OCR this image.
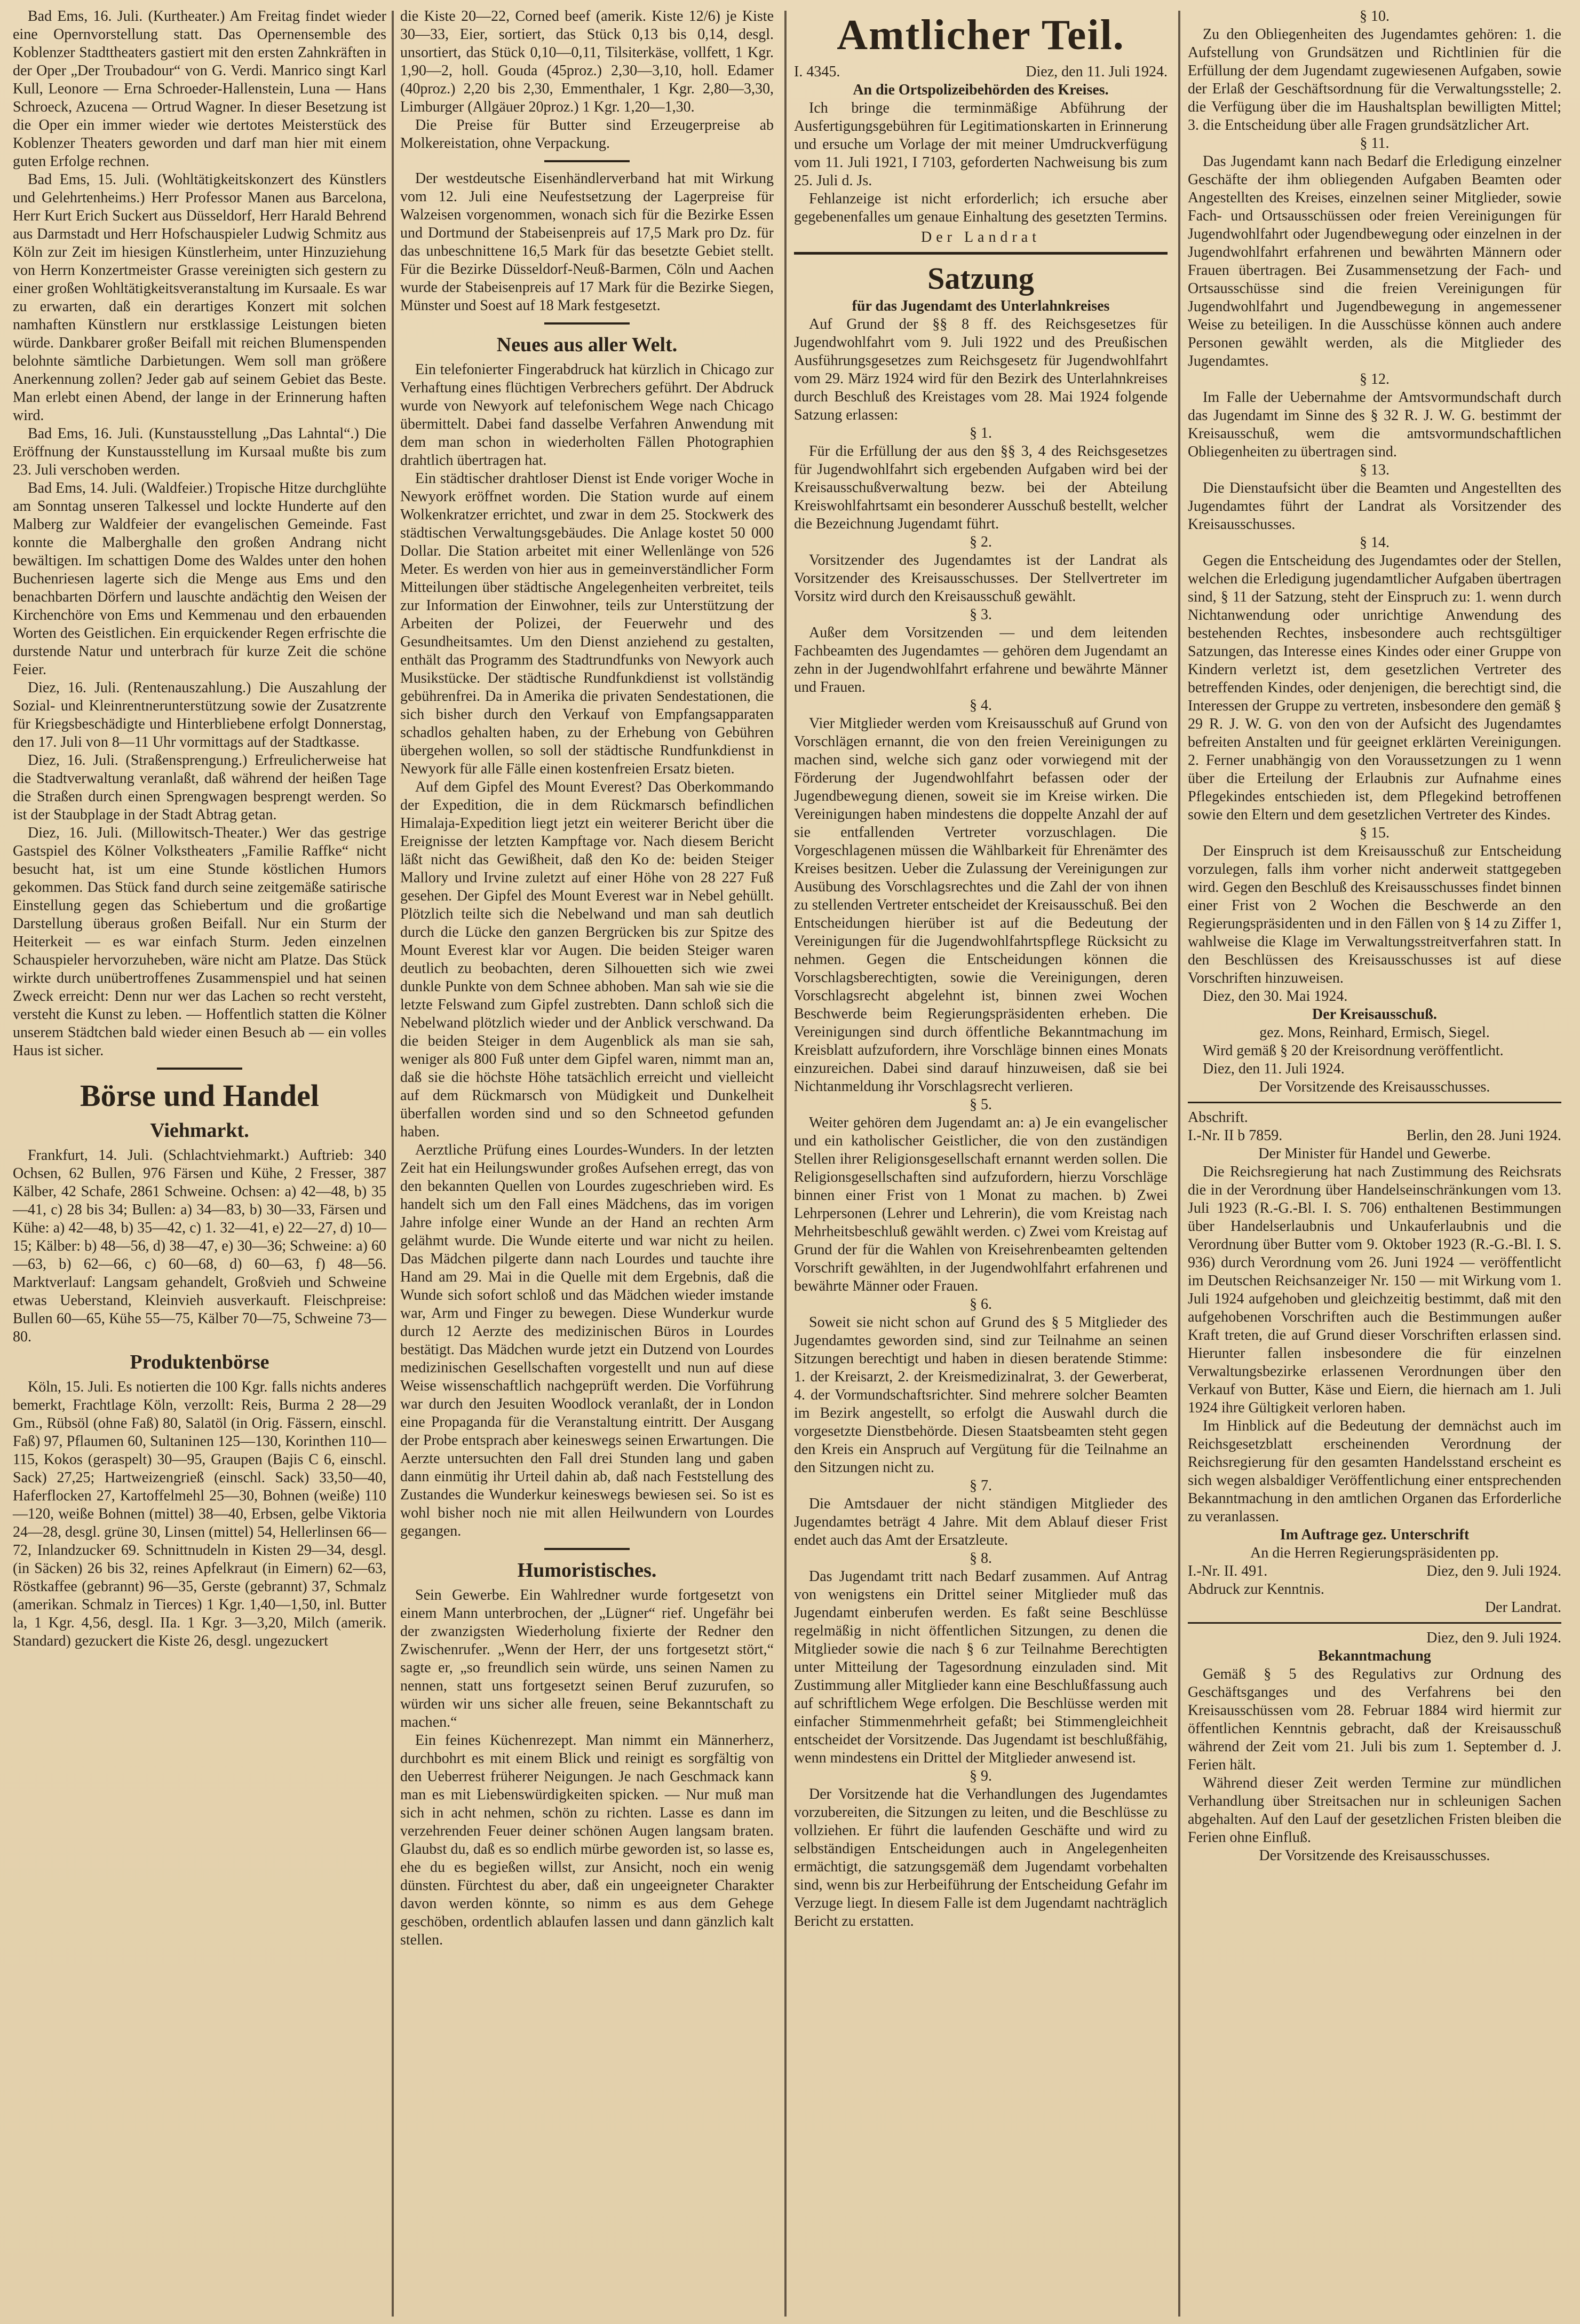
Bad Ems, 16. Juli. (Kurtheater.) Am Freitag findet wieder eine Opernvorstellung statt. Das Opernensemble des Koblenzer Stadttheaters gastiert mit den ersten Zahnkräften in der Oper „Der Troubadour“ von G. Verdi. Manrico singt Karl Kull, Leonore — Erna Schroeder-Hallenstein, Luna — Hans Schroeck, Azucena — Ortrud Wagner. In dieser Besetzung ist die Oper ein immer wieder wie dertotes Meisterstück des Koblenzer Theaters geworden und darf man hier mit einem guten Erfolge rechnen.

Bad Ems, 15. Juli. (Wohltätigkeitskonzert des Künstlers und Gelehrtenheims.) Herr Professor Manen aus Barcelona, Herr Kurt Erich Suckert aus Düsseldorf, Herr Harald Behrend aus Darmstadt und Herr Hofschauspieler Ludwig Schmitz aus Köln zur Zeit im hiesigen Künstlerheim, unter Hinzuziehung von Herrn Konzertmeister Grasse vereinigten sich gestern zu einer großen Wohltätigkeitsveranstaltung im Kursaale. Es war zu erwarten, daß ein derartiges Konzert mit solchen namhaften Künstlern nur erstklassige Leistungen bieten würde. Dankbarer großer Beifall mit reichen Blumenspenden belohnte sämtliche Darbietungen. Wem soll man größere Anerkennung zollen? Jeder gab auf seinem Gebiet das Beste. Man erlebt einen Abend, der lange in der Erinnerung haften wird.

Bad Ems, 16. Juli. (Kunstausstellung „Das Lahntal“.) Die Eröffnung der Kunstausstellung im Kursaal mußte bis zum 23. Juli verschoben werden.

Bad Ems, 14. Juli. (Waldfeier.) Tropische Hitze durchglühte am Sonntag unseren Talkessel und lockte Hunderte auf den Malberg zur Waldfeier der evangelischen Gemeinde. Fast konnte die Malberghalle den großen Andrang nicht bewältigen. Im schattigen Dome des Waldes unter den hohen Buchenriesen lagerte sich die Menge aus Ems und den benachbarten Dörfern und lauschte andächtig den Weisen der Kirchenchöre von Ems und Kemmenau und den erbauenden Worten des Geistlichen. Ein erquickender Regen erfrischte die durstende Natur und unterbrach für kurze Zeit die schöne Feier.

Diez, 16. Juli. (Rentenauszahlung.) Die Auszahlung der Sozial- und Kleinrentnerunterstützung sowie der Zusatzrente für Kriegsbeschädigte und Hinterbliebene erfolgt Donnerstag, den 17. Juli von 8—11 Uhr vormittags auf der Stadtkasse.

Diez, 16. Juli. (Straßensprengung.) Erfreulicherweise hat die Stadtverwaltung veranlaßt, daß während der heißen Tage die Straßen durch einen Sprengwagen besprengt werden. So ist der Staubplage in der Stadt Abtrag getan.

Diez, 16. Juli. (Millowitsch-Theater.) Wer das gestrige Gastspiel des Kölner Volkstheaters „Familie Raffke“ nicht besucht hat, ist um eine Stunde köstlichen Humors gekommen. Das Stück fand durch seine zeitgemäße satirische Einstellung gegen das Schiebertum und die großartige Darstellung überaus großen Beifall. Nur ein Sturm der Heiterkeit — es war einfach Sturm. Jeden einzelnen Schauspieler hervorzuheben, wäre nicht am Platze. Das Stück wirkte durch unübertroffenes Zusammenspiel und hat seinen Zweck erreicht: Denn nur wer das Lachen so recht versteht, versteht die Kunst zu leben. — Hoffentlich statten die Kölner unserem Städtchen bald wieder einen Besuch ab — ein volles Haus ist sicher.

Börse und Handel
Viehmarkt.

Frankfurt, 14. Juli. (Schlachtviehmarkt.) Auftrieb: 340 Ochsen, 62 Bullen, 976 Färsen und Kühe, 2 Fresser, 387 Kälber, 42 Schafe, 2861 Schweine. Ochsen: a) 42—48, b) 35—41, c) 28 bis 34; Bullen: a) 34—83, b) 30—33, Färsen und Kühe: a) 42—48, b) 35—42, c) 1. 32—41, e) 22—27, d) 10—15; Kälber: b) 48—56, d) 38—47, e) 30—36; Schweine: a) 60—63, b) 62—66, c) 60—68, d) 60—63, f) 48—56. Marktverlauf: Langsam gehandelt, Großvieh und Schweine etwas Ueberstand, Kleinvieh ausverkauft. Fleischpreise: Bullen 60—65, Kühe 55—75, Kälber 70—75, Schweine 73—80.

Produktenbörse

Köln, 15. Juli. Es notierten die 100 Kgr. falls nichts anderes bemerkt, Frachtlage Köln, verzollt: Reis, Burma 2 28—29 Gm., Rübsöl (ohne Faß) 80, Salatöl (in Orig. Fässern, einschl. Faß) 97, Pflaumen 60, Sultaninen 125—130, Korinthen 110—115, Kokos (geraspelt) 30—95, Graupen (Bajis C 6, einschl. Sack) 27,25; Hartweizengrieß (einschl. Sack) 33,50—40, Haferflocken 27, Kartoffelmehl 25—30, Bohnen (weiße) 110—120, weiße Bohnen (mittel) 38—40, Erbsen, gelbe Viktoria 24—28, desgl. grüne 30, Linsen (mittel) 54, Hellerlinsen 66—72, Inlandzucker 69. Schnittnudeln in Kisten 29—34, desgl. (in Säcken) 26 bis 32, reines Apfelkraut (in Eimern) 62—63, Röstkaffee (gebrannt) 96—35, Gerste (gebrannt) 37, Schmalz (amerikan. Schmalz in Tierces) 1 Kgr. 1,40—1,50, inl. Butter la, 1 Kgr. 4,56, desgl. IIa. 1 Kgr. 3—3,20, Milch (amerik. Standard) gezuckert die Kiste 26, desgl. ungezuckert

die Kiste 20—22, Corned beef (amerik. Kiste 12/6) je Kiste 30—33, Eier, sortiert, das Stück 0,13 bis 0,14, desgl. unsortiert, das Stück 0,10—0,11, Tilsiterkäse, vollfett, 1 Kgr. 1,90—2, holl. Gouda (45proz.) 2,30—3,10, holl. Edamer (40proz.) 2,20 bis 2,30, Emmenthaler, 1 Kgr. 2,80—3,30, Limburger (Allgäuer 20proz.) 1 Kgr. 1,20—1,30.

Die Preise für Butter sind Erzeugerpreise ab Molkereistation, ohne Verpackung.

Der westdeutsche Eisenhändlerverband hat mit Wirkung vom 12. Juli eine Neufestsetzung der Lagerpreise für Walzeisen vorgenommen, wonach sich für die Bezirke Essen und Dortmund der Stabeisenpreis auf 17,5 Mark pro Dz. für das unbeschnittene 16,5 Mark für das besetzte Gebiet stellt. Für die Bezirke Düsseldorf-Neuß-Barmen, Cöln und Aachen wurde der Stabeisenpreis auf 17 Mark für die Bezirke Siegen, Münster und Soest auf 18 Mark festgesetzt.

Neues aus aller Welt.

Ein telefonierter Fingerabdruck hat kürzlich in Chicago zur Verhaftung eines flüchtigen Verbrechers geführt. Der Abdruck wurde von Newyork auf telefonischem Wege nach Chicago übermittelt. Dabei fand dasselbe Verfahren Anwendung mit dem man schon in wiederholten Fällen Photographien drahtlich übertragen hat.

Ein städtischer drahtloser Dienst ist Ende voriger Woche in Newyork eröffnet worden. Die Station wurde auf einem Wolkenkratzer errichtet, und zwar in dem 25. Stockwerk des städtischen Verwaltungsgebäudes. Die Anlage kostet 50 000 Dollar. Die Station arbeitet mit einer Wellenlänge von 526 Meter. Es werden von hier aus in gemeinverständlicher Form Mitteilungen über städtische Angelegenheiten verbreitet, teils zur Information der Einwohner, teils zur Unterstützung der Arbeiten der Polizei, der Feuerwehr und des Gesundheitsamtes. Um den Dienst anziehend zu gestalten, enthält das Programm des Stadtrundfunks von Newyork auch Musikstücke. Der städtische Rundfunkdienst ist vollständig gebührenfrei. Da in Amerika die privaten Sendestationen, die sich bisher durch den Verkauf von Empfangsapparaten schadlos gehalten haben, zu der Erhebung von Gebühren übergehen wollen, so soll der städtische Rundfunkdienst in Newyork für alle Fälle einen kostenfreien Ersatz bieten.

Auf dem Gipfel des Mount Everest? Das Oberkommando der Expedition, die in dem Rückmarsch befindlichen Himalaja-Expedition liegt jetzt ein weiterer Bericht über die Ereignisse der letzten Kampftage vor. Nach diesem Bericht läßt nicht das Gewißheit, daß den Ko de: beiden Steiger Mallory und Irvine zuletzt auf einer Höhe von 28 227 Fuß gesehen. Der Gipfel des Mount Everest war in Nebel gehüllt. Plötzlich teilte sich die Nebelwand und man sah deutlich durch die Lücke den ganzen Bergrücken bis zur Spitze des Mount Everest klar vor Augen. Die beiden Steiger waren deutlich zu beobachten, deren Silhouetten sich wie zwei dunkle Punkte von dem Schnee abhoben. Man sah wie sie die letzte Felswand zum Gipfel zustrebten. Dann schloß sich die Nebelwand plötzlich wieder und der Anblick verschwand. Da die beiden Steiger in dem Augenblick als man sie sah, weniger als 800 Fuß unter dem Gipfel waren, nimmt man an, daß sie die höchste Höhe tatsächlich erreicht und vielleicht auf dem Rückmarsch von Müdigkeit und Dunkelheit überfallen worden sind und so den Schneetod gefunden haben.

Aerztliche Prüfung eines Lourdes-Wunders. In der letzten Zeit hat ein Heilungswunder großes Aufsehen erregt, das von den bekannten Quellen von Lourdes zugeschrieben wird. Es handelt sich um den Fall eines Mädchens, das im vorigen Jahre infolge einer Wunde an der Hand an rechten Arm gelähmt wurde. Die Wunde eiterte und war nicht zu heilen. Das Mädchen pilgerte dann nach Lourdes und tauchte ihre Hand am 29. Mai in die Quelle mit dem Ergebnis, daß die Wunde sich sofort schloß und das Mädchen wieder imstande war, Arm und Finger zu bewegen. Diese Wunderkur wurde durch 12 Aerzte des medizinischen Büros in Lourdes bestätigt. Das Mädchen wurde jetzt ein Dutzend von Lourdes medizinischen Gesellschaften vorgestellt und nun auf diese Weise wissenschaftlich nachgeprüft werden. Die Vorführung war durch den Jesuiten Woodlock veranlaßt, der in London eine Propaganda für die Veranstaltung eintritt. Der Ausgang der Probe entsprach aber keineswegs seinen Erwartungen. Die Aerzte untersuchten den Fall drei Stunden lang und gaben dann einmütig ihr Urteil dahin ab, daß nach Feststellung des Zustandes die Wunderkur keineswegs bewiesen sei. So ist es wohl bisher noch nie mit allen Heilwundern von Lourdes gegangen.

Humoristisches.

Sein Gewerbe. Ein Wahlredner wurde fortgesetzt von einem Mann unterbrochen, der „Lügner“ rief. Ungefähr bei der zwanzigsten Wiederholung fixierte der Redner den Zwischenrufer. „Wenn der Herr, der uns fortgesetzt stört,“ sagte er, „so freundlich sein würde, uns seinen Namen zu nennen, statt uns fortgesetzt seinen Beruf zuzurufen, so würden wir uns sicher alle freuen, seine Bekanntschaft zu machen.“

Ein feines Küchenrezept. Man nimmt ein Männerherz, durchbohrt es mit einem Blick und reinigt es sorgfältig von den Ueberrest früherer Neigungen. Je nach Geschmack kann man es mit Liebenswürdigkeiten spicken. — Nur muß man sich in acht nehmen, schön zu richten. Lasse es dann im verzehrenden Feuer deiner schönen Augen langsam braten. Glaubst du, daß es so endlich mürbe geworden ist, so lasse es, ehe du es begießen willst, zur Ansicht, noch ein wenig dünsten. Fürchtest du aber, daß ein ungeeigneter Charakter davon werden könnte, so nimm es aus dem Gehege geschöben, ordentlich ablaufen lassen und dann gänzlich kalt stellen.

Amtlicher Teil.
I. 4345.	Diez, den 11. Juli 1924.

An die Ortspolizeibehörden des Kreises.

Ich bringe die terminmäßige Abführung der Ausfertigungsgebühren für Legitimationskarten in Erinnerung und ersuche um Vorlage der mit meiner Umdruckverfügung vom 11. Juli 1921, I 7103, geforderten Nachweisung bis zum 25. Juli d. Js.

Fehlanzeige ist nicht erforderlich; ich ersuche aber gegebenenfalles um genaue Einhaltung des gesetzten Termins.

Der Landrat

Satzung

für das Jugendamt des Unterlahnkreises

Auf Grund der §§ 8 ff. des Reichsgesetzes für Jugendwohlfahrt vom 9. Juli 1922 und des Preußischen Ausführungsgesetzes zum Reichsgesetz für Jugendwohlfahrt vom 29. März 1924 wird für den Bezirk des Unterlahnkreises durch Beschluß des Kreistages vom 28. Mai 1924 folgende Satzung erlassen:

§ 1.

Für die Erfüllung der aus den §§ 3, 4 des Reichsgesetzes für Jugendwohlfahrt sich ergebenden Aufgaben wird bei der Kreisausschußverwaltung bezw. bei der Abteilung Kreiswohlfahrtsamt ein besonderer Ausschuß bestellt, welcher die Bezeichnung Jugendamt führt.

§ 2.

Vorsitzender des Jugendamtes ist der Landrat als Vorsitzender des Kreisausschusses. Der Stellvertreter im Vorsitz wird durch den Kreisausschuß gewählt.

§ 3.

Außer dem Vorsitzenden — und dem leitenden Fachbeamten des Jugendamtes — gehören dem Jugendamt an zehn in der Jugendwohlfahrt erfahrene und bewährte Männer und Frauen.

§ 4.

Vier Mitglieder werden vom Kreisausschuß auf Grund von Vorschlägen ernannt, die von den freien Vereinigungen zu machen sind, welche sich ganz oder vorwiegend mit der Förderung der Jugendwohlfahrt befassen oder der Jugendbewegung dienen, soweit sie im Kreise wirken. Die Vereinigungen haben mindestens die doppelte Anzahl der auf sie entfallenden Vertreter vorzuschlagen. Die Vorgeschlagenen müssen die Wählbarkeit für Ehrenämter des Kreises besitzen. Ueber die Zulassung der Vereinigungen zur Ausübung des Vorschlagsrechtes und die Zahl der von ihnen zu stellenden Vertreter entscheidet der Kreisausschuß. Bei den Entscheidungen hierüber ist auf die Bedeutung der Vereinigungen für die Jugendwohlfahrtspflege Rücksicht zu nehmen. Gegen die Entscheidungen können die Vorschlagsberechtigten, sowie die Vereinigungen, deren Vorschlagsrecht abgelehnt ist, binnen zwei Wochen Beschwerde beim Regierungspräsidenten erheben. Die Vereinigungen sind durch öffentliche Bekanntmachung im Kreisblatt aufzufordern, ihre Vorschläge binnen eines Monats einzureichen. Dabei sind darauf hinzuweisen, daß sie bei Nichtanmeldung ihr Vorschlagsrecht verlieren.

§ 5.

Weiter gehören dem Jugendamt an: a) Je ein evangelischer und ein katholischer Geistlicher, die von den zuständigen Stellen ihrer Religionsgesellschaft ernannt werden sollen. Die Religionsgesellschaften sind aufzufordern, hierzu Vorschläge binnen einer Frist von 1 Monat zu machen. b) Zwei Lehrpersonen (Lehrer und Lehrerin), die vom Kreistag nach Mehrheitsbeschluß gewählt werden. c) Zwei vom Kreistag auf Grund der für die Wahlen von Kreisehrenbeamten geltenden Vorschrift gewählten, in der Jugendwohlfahrt erfahrenen und bewährte Männer oder Frauen.

§ 6.

Soweit sie nicht schon auf Grund des § 5 Mitglieder des Jugendamtes geworden sind, sind zur Teilnahme an seinen Sitzungen berechtigt und haben in diesen beratende Stimme: 1. der Kreisarzt, 2. der Kreismedizinalrat, 3. der Gewerberat, 4. der Vormundschaftsrichter. Sind mehrere solcher Beamten im Bezirk angestellt, so erfolgt die Auswahl durch die vorgesetzte Dienstbehörde. Diesen Staatsbeamten steht gegen den Kreis ein Anspruch auf Vergütung für die Teilnahme an den Sitzungen nicht zu.

§ 7.

Die Amtsdauer der nicht ständigen Mitglieder des Jugendamtes beträgt 4 Jahre. Mit dem Ablauf dieser Frist endet auch das Amt der Ersatzleute.

§ 8.

Das Jugendamt tritt nach Bedarf zusammen. Auf Antrag von wenigstens ein Drittel seiner Mitglieder muß das Jugendamt einberufen werden. Es faßt seine Beschlüsse regelmäßig in nicht öffentlichen Sitzungen, zu denen die Mitglieder sowie die nach § 6 zur Teilnahme Berechtigten unter Mitteilung der Tagesordnung einzuladen sind. Mit Zustimmung aller Mitglieder kann eine Beschlußfassung auch auf schriftlichem Wege erfolgen. Die Beschlüsse werden mit einfacher Stimmenmehrheit gefaßt; bei Stimmengleichheit entscheidet der Vorsitzende. Das Jugendamt ist beschlußfähig, wenn mindestens ein Drittel der Mitglieder anwesend ist.

§ 9.

Der Vorsitzende hat die Verhandlungen des Jugendamtes vorzubereiten, die Sitzungen zu leiten, und die Beschlüsse zu vollziehen. Er führt die laufenden Geschäfte und wird zu selbständigen Entscheidungen auch in Angelegenheiten ermächtigt, die satzungsgemäß dem Jugendamt vorbehalten sind, wenn bis zur Herbeiführung der Entscheidung Gefahr im Verzuge liegt. In diesem Falle ist dem Jugendamt nachträglich Bericht zu erstatten.

§ 10.

Zu den Obliegenheiten des Jugendamtes gehören: 1. die Aufstellung von Grundsätzen und Richtlinien für die Erfüllung der dem Jugendamt zugewiesenen Aufgaben, sowie der Erlaß der Geschäftsordnung für die Verwaltungsstelle; 2. die Verfügung über die im Haushaltsplan bewilligten Mittel; 3. die Entscheidung über alle Fragen grundsätzlicher Art.

§ 11.

Das Jugendamt kann nach Bedarf die Erledigung einzelner Geschäfte der ihm obliegenden Aufgaben Beamten oder Angestellten des Kreises, einzelnen seiner Mitglieder, sowie Fach- und Ortsausschüssen oder freien Vereinigungen für Jugendwohlfahrt oder Jugendbewegung oder einzelnen in der Jugendwohlfahrt erfahrenen und bewährten Männern oder Frauen übertragen. Bei Zusammensetzung der Fach- und Ortsausschüsse sind die freien Vereinigungen für Jugendwohlfahrt und Jugendbewegung in angemessener Weise zu beteiligen. In die Ausschüsse können auch andere Personen gewählt werden, als die Mitglieder des Jugendamtes.

§ 12.

Im Falle der Uebernahme der Amtsvormundschaft durch das Jugendamt im Sinne des § 32 R. J. W. G. bestimmt der Kreisausschuß, wem die amtsvormundschaftlichen Obliegenheiten zu übertragen sind.

§ 13.

Die Dienstaufsicht über die Beamten und Angestellten des Jugendamtes führt der Landrat als Vorsitzender des Kreisausschusses.

§ 14.

Gegen die Entscheidung des Jugendamtes oder der Stellen, welchen die Erledigung jugendamtlicher Aufgaben übertragen sind, § 11 der Satzung, steht der Einspruch zu: 1. wenn durch Nichtanwendung oder unrichtige Anwendung des bestehenden Rechtes, insbesondere auch rechtsgültiger Satzungen, das Interesse eines Kindes oder einer Gruppe von Kindern verletzt ist, dem gesetzlichen Vertreter des betreffenden Kindes, oder denjenigen, die berechtigt sind, die Interessen der Gruppe zu vertreten, insbesondere den gemäß § 29 R. J. W. G. von den von der Aufsicht des Jugendamtes befreiten Anstalten und für geeignet erklärten Vereinigungen. 2. Ferner unabhängig von den Voraussetzungen zu 1 wenn über die Erteilung der Erlaubnis zur Aufnahme eines Pflegekindes entschieden ist, dem Pflegekind betroffenen sowie den Eltern und dem gesetzlichen Vertreter des Kindes.

§ 15.

Der Einspruch ist dem Kreisausschuß zur Entscheidung vorzulegen, falls ihm vorher nicht anderweit stattgegeben wird. Gegen den Beschluß des Kreisausschusses findet binnen einer Frist von 2 Wochen die Beschwerde an den Regierungspräsidenten und in den Fällen von § 14 zu Ziffer 1, wahlweise die Klage im Verwaltungsstreitverfahren statt. In den Beschlüssen des Kreisausschusses ist auf diese Vorschriften hinzuweisen.

Diez, den 30. Mai 1924.

Der Kreisausschuß.

gez. Mons, Reinhard, Ermisch, Siegel.

Wird gemäß § 20 der Kreisordnung veröffentlicht.

Diez, den 11. Juli 1924.

Der Vorsitzende des Kreisausschusses.

Abschrift.

I.-Nr. II b 7859.	Berlin, den 28. Juni 1924.

Der Minister für Handel und Gewerbe.

Die Reichsregierung hat nach Zustimmung des Reichsrats die in der Verordnung über Handelseinschränkungen vom 13. Juli 1923 (R.-G.-Bl. I. S. 706) enthaltenen Bestimmungen über Handelserlaubnis und Unkauferlaubnis und die Verordnung über Butter vom 9. Oktober 1923 (R.-G.-Bl. I. S. 936) durch Verordnung vom 26. Juni 1924 — veröffentlicht im Deutschen Reichsanzeiger Nr. 150 — mit Wirkung vom 1. Juli 1924 aufgehoben und gleichzeitig bestimmt, daß mit den aufgehobenen Vorschriften auch die Bestimmungen außer Kraft treten, die auf Grund dieser Vorschriften erlassen sind. Hierunter fallen insbesondere die für einzelnen Verwaltungsbezirke erlassenen Verordnungen über den Verkauf von Butter, Käse und Eiern, die hiernach am 1. Juli 1924 ihre Gültigkeit verloren haben.

Im Hinblick auf die Bedeutung der demnächst auch im Reichsgesetzblatt erscheinenden Verordnung der Reichsregierung für den gesamten Handelsstand erscheint es sich wegen alsbaldiger Veröffentlichung einer entsprechenden Bekanntmachung in den amtlichen Organen das Erforderliche zu veranlassen.

Im Auftrage gez. Unterschrift

An die Herren Regierungspräsidenten pp.

I.-Nr. II. 491.	Diez, den 9. Juli 1924.

Abdruck zur Kenntnis.

Der Landrat.

Diez, den 9. Juli 1924.

Bekanntmachung

Gemäß § 5 des Regulativs zur Ordnung des Geschäftsganges und des Verfahrens bei den Kreisausschüssen vom 28. Februar 1884 wird hiermit zur öffentlichen Kenntnis gebracht, daß der Kreisausschuß während der Zeit vom 21. Juli bis zum 1. September d. J. Ferien hält.

Während dieser Zeit werden Termine zur mündlichen Verhandlung über Streitsachen nur in schleunigen Sachen abgehalten. Auf den Lauf der gesetzlichen Fristen bleiben die Ferien ohne Einfluß.

Der Vorsitzende des Kreisausschusses.
